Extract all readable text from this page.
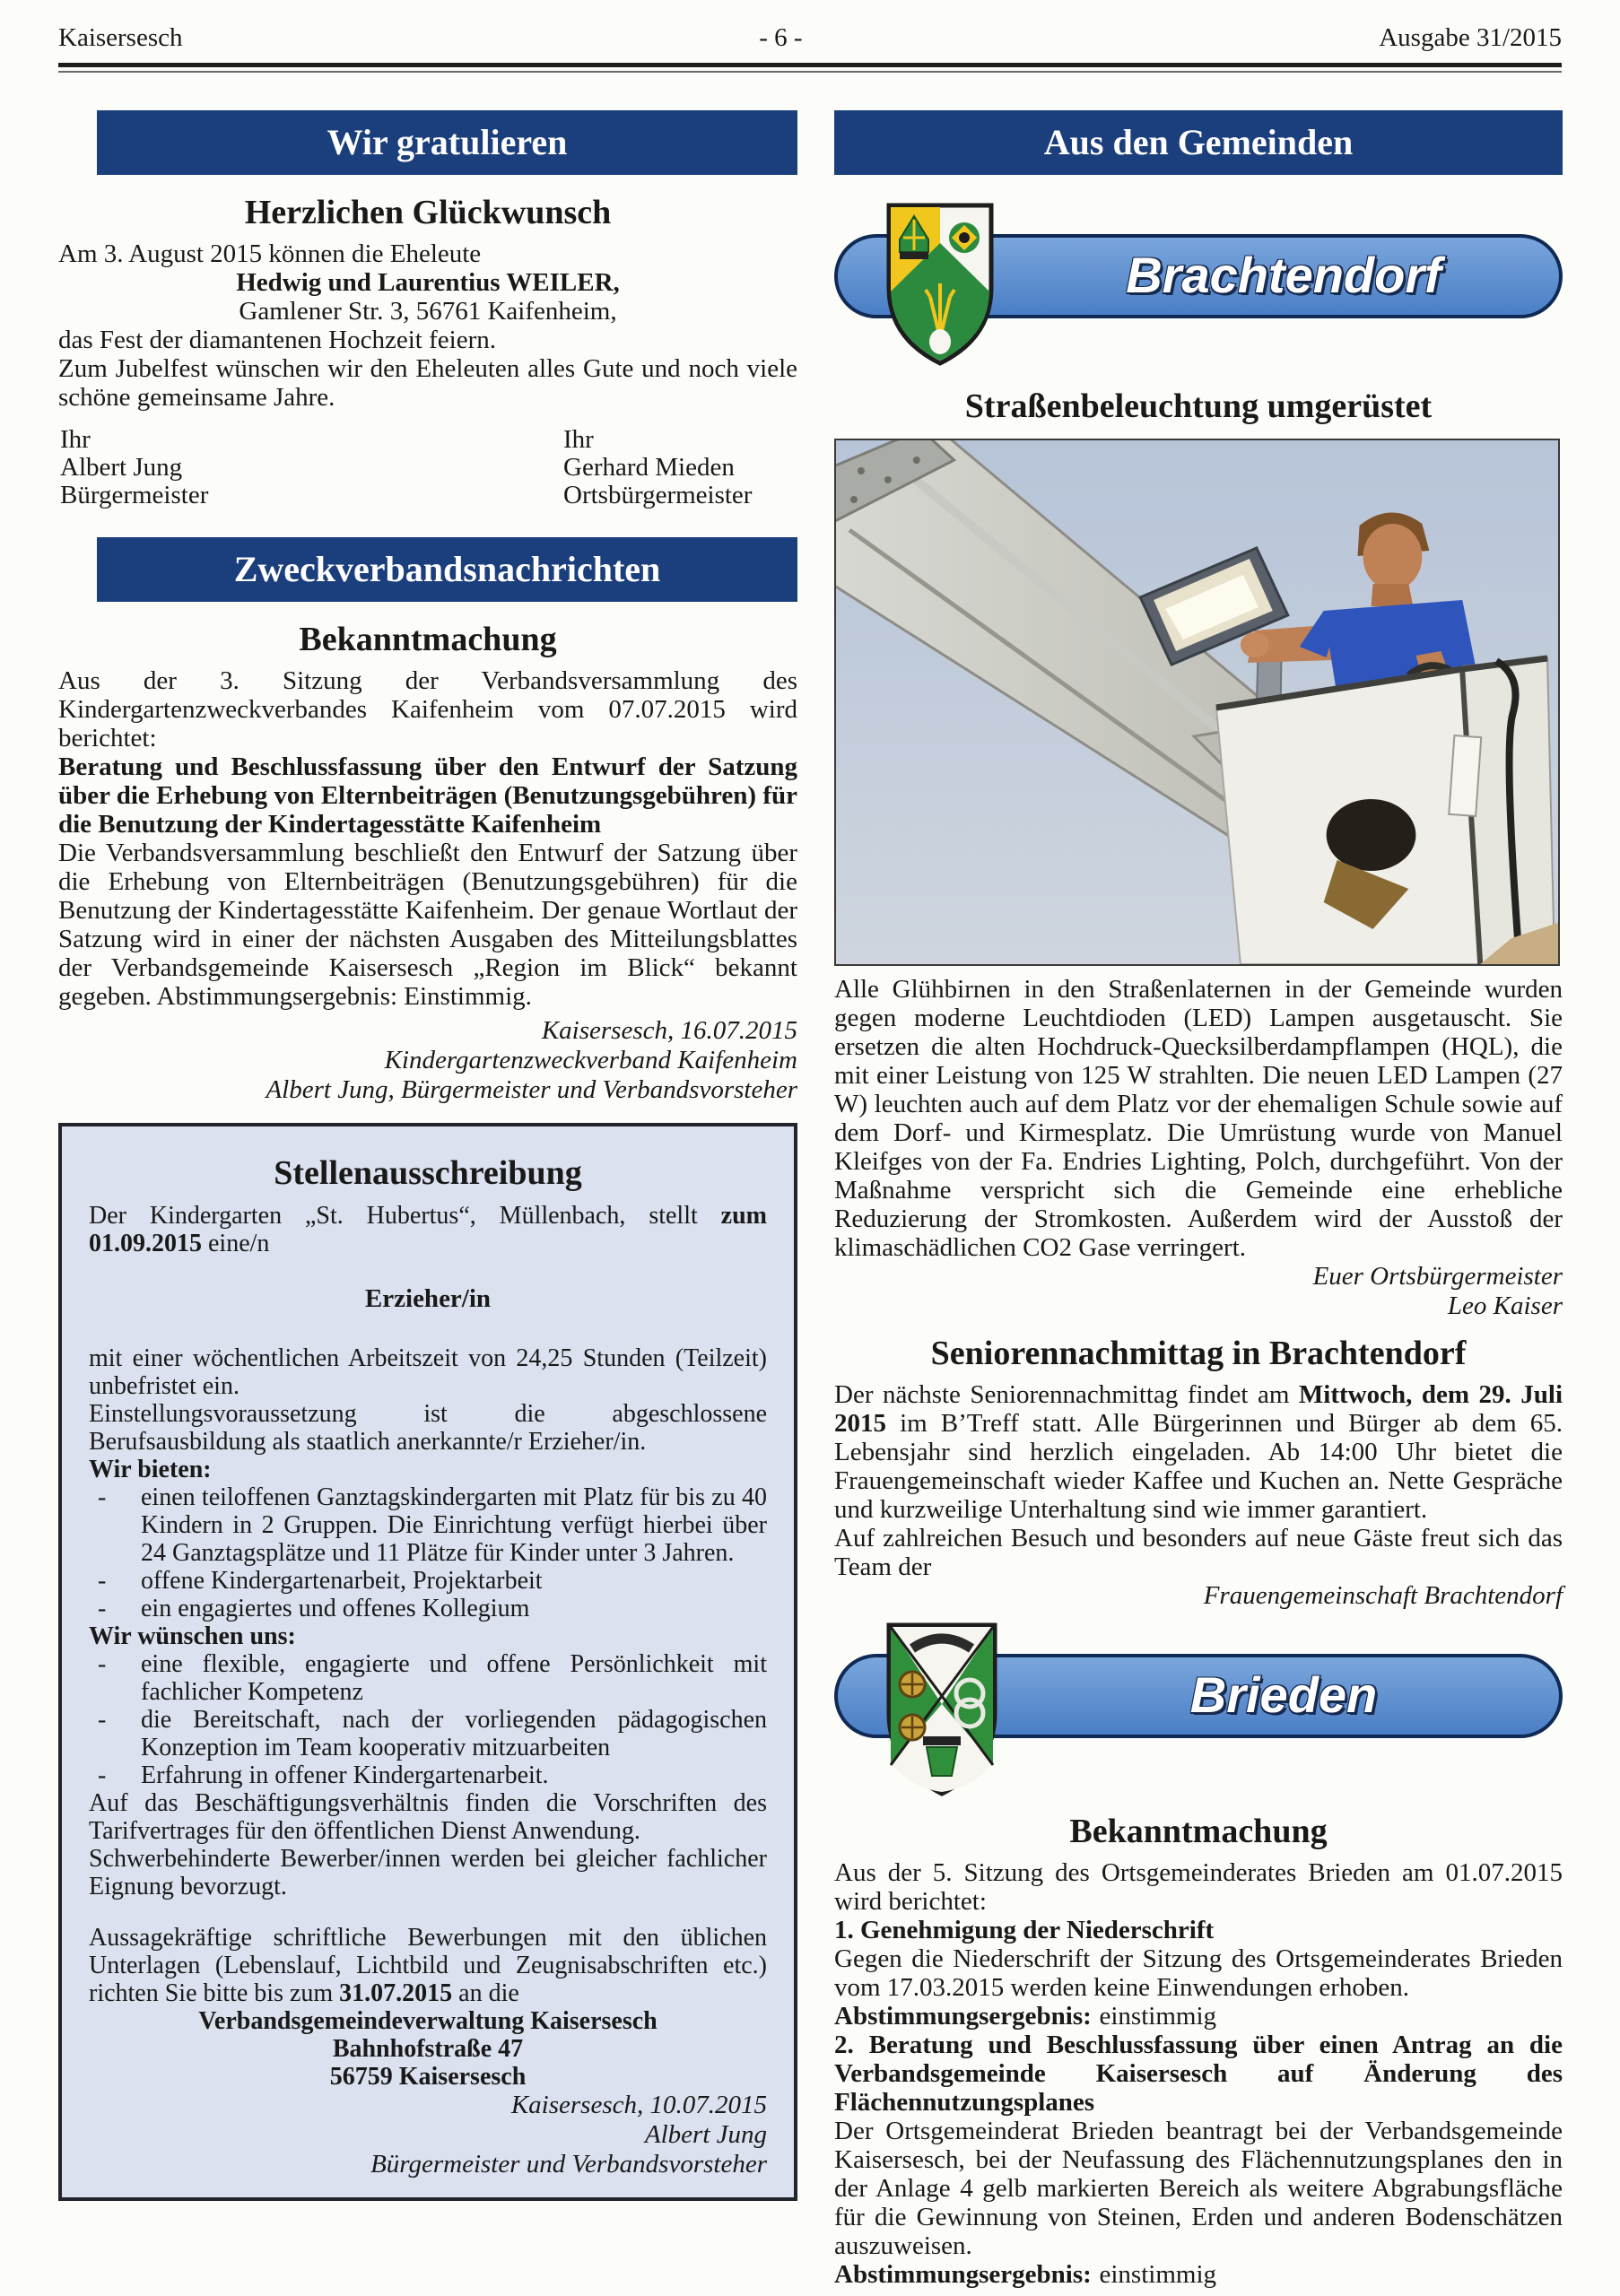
Kaisersesch	- 6 -	Ausgabe 31/2015
Wir gratulieren
Herzlichen Glückwunsch
Am 3. August 2015 können die Eheleute
Hedwig und Laurentius WEILER,
Gamlener Str. 3, 56761 Kaifenheim,
das Fest der diamantenen Hochzeit feiern.
Zum Jubelfest wünschen wir den Eheleuten alles Gute und noch viele schöne gemeinsame Jahre.
Ihr
Albert Jung
Bürgermeister
Ihr
Gerhard Mieden
Ortsbürgermeister
Zweckverbandsnachrichten
Bekanntmachung
Aus der 3. Sitzung der Verbandsversammlung des Kindergartenzweckverbandes Kaifenheim vom 07.07.2015 wird berichtet:
Beratung und Beschlussfassung über den Entwurf der Satzung über die Erhebung von Elternbeiträgen (Benutzungsgebühren) für die Benutzung der Kindertagesstätte Kaifenheim
Die Verbandsversammlung beschließt den Entwurf der Satzung über die Erhebung von Elternbeiträgen (Benutzungsgebühren) für die Benutzung der Kindertagesstätte Kaifenheim. Der genaue Wortlaut der Satzung wird in einer der nächsten Ausgaben des Mitteilungsblattes der Verbandsgemeinde Kaisersesch „Region im Blick“ bekannt gegeben. Abstimmungsergebnis: Einstimmig.
Kaisersesch, 16.07.2015
Kindergartenzweckverband Kaifenheim
Albert Jung, Bürgermeister und Verbandsvorsteher
Stellenausschreibung
Der Kindergarten „St. Hubertus“, Müllenbach, stellt zum 01.09.2015 eine/n
Erzieher/in
mit einer wöchentlichen Arbeitszeit von 24,25 Stunden (Teilzeit) unbefristet ein.
Einstellungsvoraussetzung ist die abgeschlossene Berufsausbildung als staatlich anerkannte/r Erzieher/in.
Wir bieten:
-	einen teiloffenen Ganztagskindergarten mit Platz für bis zu 40 Kindern in 2 Gruppen. Die Einrichtung verfügt hierbei über 24 Ganztagsplätze und 11 Plätze für Kinder unter 3 Jahren.
-	offene Kindergartenarbeit, Projektarbeit
-	ein engagiertes und offenes Kollegium
Wir wünschen uns:
-	eine flexible, engagierte und offene Persönlichkeit mit fachlicher Kompetenz
-	die Bereitschaft, nach der vorliegenden pädagogischen Konzeption im Team kooperativ mitzuarbeiten
-	Erfahrung in offener Kindergartenarbeit.
Auf das Beschäftigungsverhältnis finden die Vorschriften des Tarifvertrages für den öffentlichen Dienst Anwendung.
Schwerbehinderte Bewerber/innen werden bei gleicher fachlicher Eignung bevorzugt.
Aussagekräftige schriftliche Bewerbungen mit den üblichen Unterlagen (Lebenslauf, Lichtbild und Zeugnisabschriften etc.) richten Sie bitte bis zum 31.07.2015 an die
Verbandsgemeindeverwaltung Kaisersesch
Bahnhofstraße 47
56759 Kaisersesch
Kaisersesch, 10.07.2015
Albert Jung
Bürgermeister und Verbandsvorsteher
Aus den Gemeinden
Brachtendorf
Straßenbeleuchtung umgerüstet
Alle Glühbirnen in den Straßenlaternen in der Gemeinde wurden gegen moderne Leuchtdioden (LED) Lampen ausgetauscht. Sie ersetzen die alten Hochdruck-Quecksilberdampflampen (HQL), die mit einer Leistung von 125 W strahlten. Die neuen LED Lampen (27 W) leuchten auch auf dem Platz vor der ehemaligen Schule sowie auf dem Dorf- und Kirmesplatz. Die Umrüstung wurde von Manuel Kleifges von der Fa. Endries Lighting, Polch, durchgeführt. Von der Maßnahme verspricht sich die Gemeinde eine erhebliche Reduzierung der Stromkosten. Außerdem wird der Ausstoß der klimaschädlichen CO2 Gase verringert.
Euer Ortsbürgermeister
Leo Kaiser
Seniorennachmittag in Brachtendorf
Der nächste Seniorennachmittag findet am Mittwoch, dem 29. Juli 2015 im B’Treff statt. Alle Bürgerinnen und Bürger ab dem 65. Lebensjahr sind herzlich eingeladen. Ab 14:00 Uhr bietet die Frauengemeinschaft wieder Kaffee und Kuchen an. Nette Gespräche und kurzweilige Unterhaltung sind wie immer garantiert.
Auf zahlreichen Besuch und besonders auf neue Gäste freut sich das Team der
Frauengemeinschaft Brachtendorf
Brieden
Bekanntmachung
Aus der 5. Sitzung des Ortsgemeinderates Brieden am 01.07.2015 wird berichtet:
1. Genehmigung der Niederschrift
Gegen die Niederschrift der Sitzung des Ortsgemeinderates Brieden vom 17.03.2015 werden keine Einwendungen erhoben.
Abstimmungsergebnis: einstimmig
2. Beratung und Beschlussfassung über einen Antrag an die Verbandsgemeinde Kaisersesch auf Änderung des Flächennutzungsplanes
Der Ortsgemeinderat Brieden beantragt bei der Verbandsgemeinde Kaisersesch, bei der Neufassung des Flächennutzungsplanes den in der Anlage 4 gelb markierten Bereich als weitere Abgrabungsfläche für die Gewinnung von Steinen, Erden und anderen Bodenschätzen auszuweisen.
Abstimmungsergebnis: einstimmig
